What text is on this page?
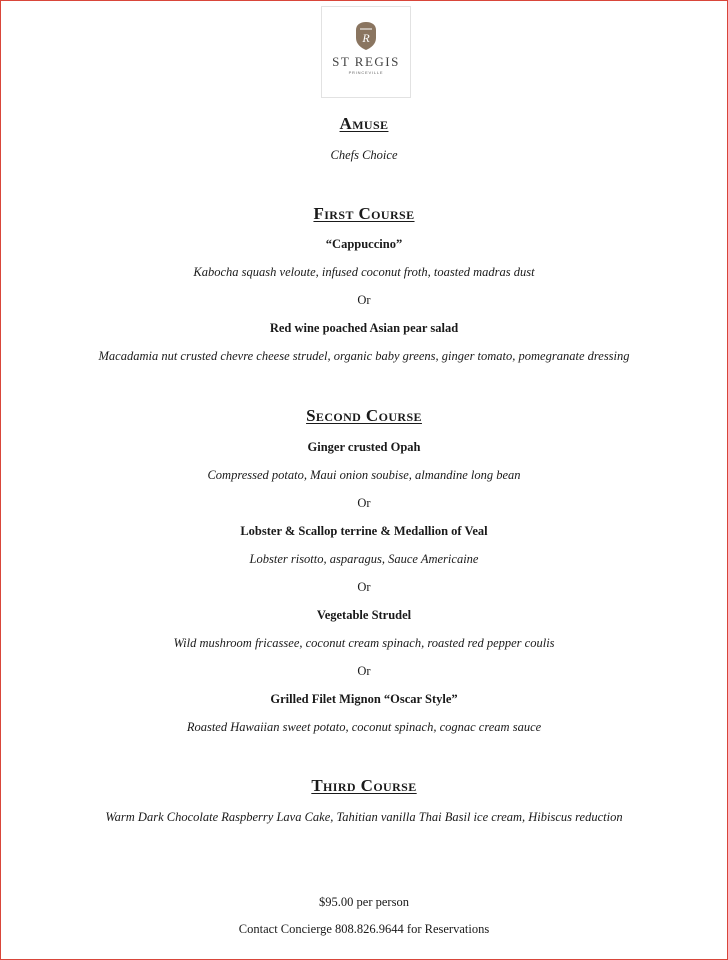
R
ST REGIS
PRINCEVILLE
Amuse
Chefs Choice
First Course
“Cappuccino”
Kabocha squash veloute, infused coconut froth, toasted madras dust
Or
Red wine poached Asian pear salad
Macadamia nut crusted chevre cheese strudel, organic baby greens, ginger tomato, pomegranate dressing
Second Course
Ginger crusted Opah
Compressed potato, Maui onion soubise, almandine long bean
Or
Lobster & Scallop terrine & Medallion of Veal
Lobster risotto, asparagus, Sauce Americaine
Or
Vegetable Strudel
Wild mushroom fricassee, coconut cream spinach, roasted red pepper coulis
Or
Grilled Filet Mignon “Oscar Style”
Roasted Hawaiian sweet potato, coconut spinach, cognac cream sauce
Third Course
Warm Dark Chocolate Raspberry Lava Cake, Tahitian vanilla Thai Basil ice cream, Hibiscus reduction
$95.00 per person
Contact Concierge 808.826.9644 for Reservations
